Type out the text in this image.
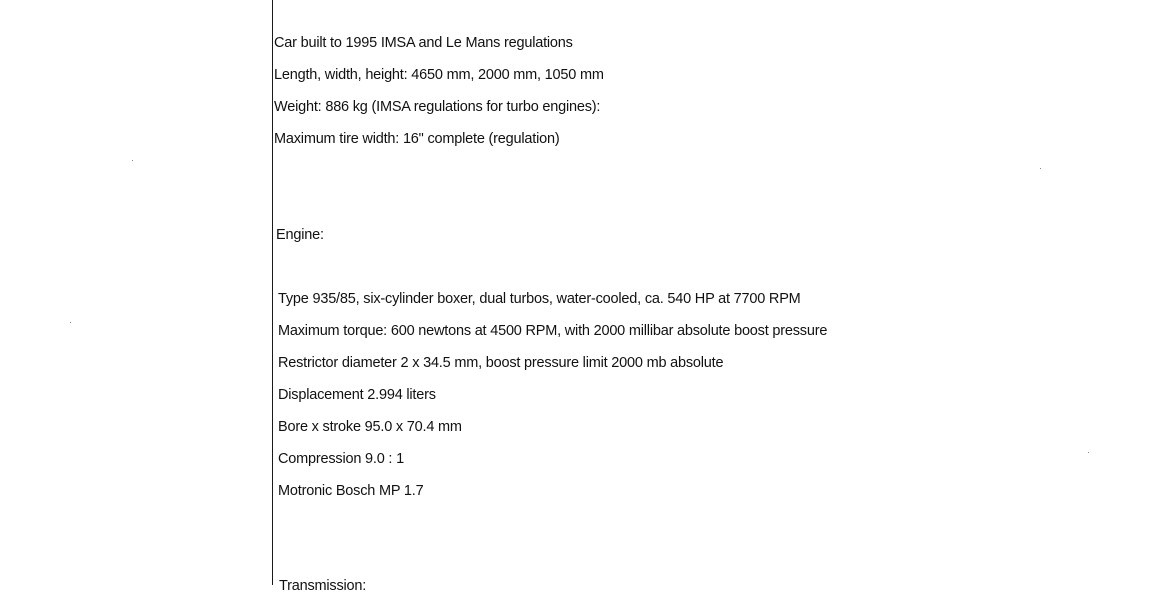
Car built to 1995 IMSA and Le Mans regulations
Length, width, height: 4650 mm, 2000 mm, 1050 mm
Weight: 886 kg (IMSA regulations for turbo engines):
Maximum tire width: 16" complete (regulation)
Engine:
Type 935/85, six-cylinder boxer, dual turbos, water-cooled, ca. 540 HP at 7700 RPM
Maximum torque: 600 newtons at 4500 RPM, with 2000 millibar absolute boost pressure
Restrictor diameter 2 x 34.5 mm, boost pressure limit 2000 mb absolute
Displacement 2.994 liters
Bore x stroke 95.0 x 70.4 mm
Compression 9.0 : 1
Motronic Bosch MP 1.7
Transmission:
